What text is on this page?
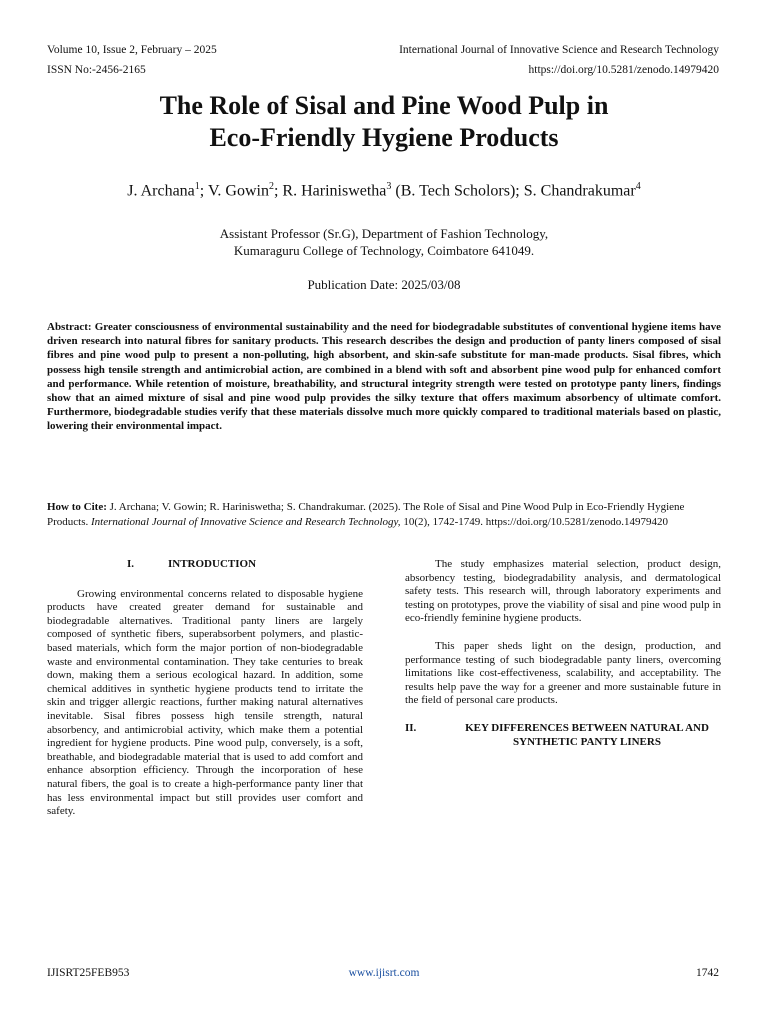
Volume 10, Issue 2, February – 2025	International Journal of Innovative Science and Research Technology
ISSN No:-2456-2165	https://doi.org/10.5281/zenodo.14979420
The Role of Sisal and Pine Wood Pulp in
Eco-Friendly Hygiene Products
J. Archana$^1$; V. Gowin$^2$; R. Hariniswetha$^3$ (B. Tech Scholors); S. Chandrakumar$^4$
Assistant Professor (Sr.G), Department of Fashion Technology,
Kumaraguru College of Technology, Coimbatore 641049.
Publication Date: 2025/03/08
Abstract: Greater consciousness of environmental sustainability and the need for biodegradable substitutes of conventional hygiene items have driven research into natural fibres for sanitary products. This research describes the design and production of panty liners composed of sisal fibres and pine wood pulp to present a non-polluting, high absorbent, and skin-safe substitute for man-made products. Sisal fibres, which possess high tensile strength and antimicrobial action, are combined in a blend with soft and absorbent pine wood pulp for enhanced comfort and performance. While retention of moisture, breathability, and structural integrity strength were tested on prototype panty liners, findings show that an aimed mixture of sisal and pine wood pulp provides the silky texture that offers maximum absorbency of ultimate comfort. Furthermore, biodegradable studies verify that these materials dissolve much more quickly compared to traditional materials based on plastic, lowering their environmental impact.
How to Cite: J. Archana; V. Gowin; R. Hariniswetha; S. Chandrakumar. (2025). The Role of Sisal and Pine Wood Pulp in Eco-Friendly Hygiene Products. International Journal of Innovative Science and Research Technology, 10(2), 1742-1749. https://doi.org/10.5281/zenodo.14979420
I.	INTRODUCTION

Growing environmental concerns related to disposable hygiene products have created greater demand for sustainable and biodegradable alternatives. Traditional panty liners are largely composed of synthetic fibers, superabsorbent polymers, and plastic-based materials, which form the major portion of non-biodegradable waste and environmental contamination. They take centuries to break down, making them a serious ecological hazard. In addition, some chemical additives in synthetic hygiene products tend to irritate the skin and trigger allergic reactions, further making natural alternatives inevitable. Sisal fibres possess high tensile strength, natural absorbency, and antimicrobial activity, which make them a potential ingredient for hygiene products. Pine wood pulp, conversely, is a soft, breathable, and biodegradable material that is used to add comfort and enhance absorption efficiency. Through the incorporation of hese natural fibers, the goal is to create a high-performance panty liner that has less environmental impact but still provides user comfort and safety.

The study emphasizes material selection, product design, absorbency testing, biodegradability analysis, and dermatological safety tests. This research will, through laboratory experiments and testing on prototypes, prove the viability of sisal and pine wood pulp in eco-friendly feminine hygiene products.

This paper sheds light on the design, production, and performance testing of such biodegradable panty liners, overcoming limitations like cost-effectiveness, scalability, and acceptability. The results help pave the way for a greener and more sustainable future in the field of personal care products.

II.	KEY DIFFERENCES BETWEEN NATURAL AND SYNTHETIC PANTY LINERS
IJISRT25FEB953	www.ijisrt.com	1742
